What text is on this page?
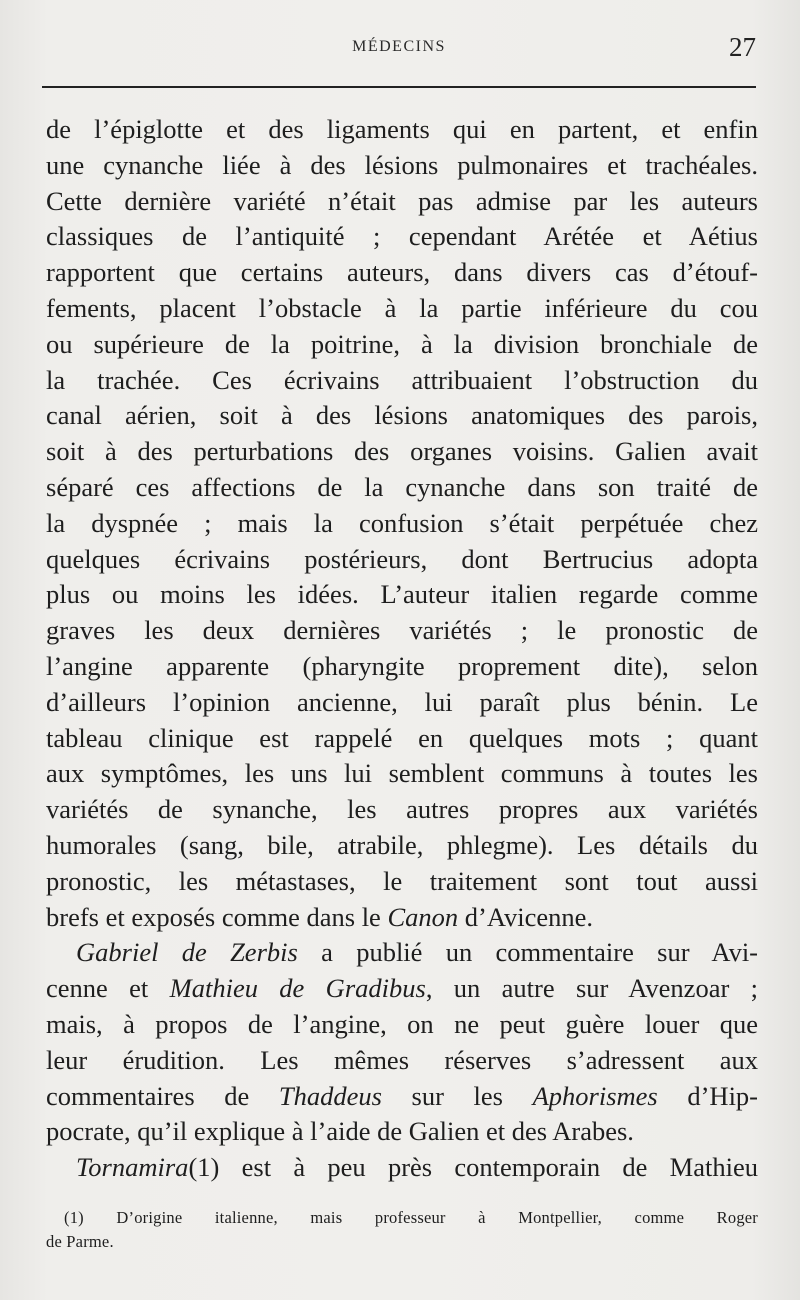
MÉDECINS	27
de l’épiglotte et des ligaments qui en partent, et enfin
une cynanche liée à des lésions pulmonaires et trachéales.
Cette dernière variété n’était pas admise par les auteurs
classiques de l’antiquité ; cependant Arétée et Aétius
rapportent que certains auteurs, dans divers cas d’étouf-
fements, placent l’obstacle à la partie inférieure du cou
ou supérieure de la poitrine, à la division bronchiale de
la trachée. Ces écrivains attribuaient l’obstruction du
canal aérien, soit à des lésions anatomiques des parois,
soit à des perturbations des organes voisins. Galien avait
séparé ces affections de la cynanche dans son traité de
la dyspnée ; mais la confusion s’était perpétuée chez
quelques écrivains postérieurs, dont Bertrucius adopta
plus ou moins les idées. L’auteur italien regarde comme
graves les deux dernières variétés ; le pronostic de
l’angine apparente (pharyngite proprement dite), selon
d’ailleurs l’opinion ancienne, lui paraît plus bénin. Le
tableau clinique est rappelé en quelques mots ; quant
aux symptômes, les uns lui semblent communs à toutes les
variétés de synanche, les autres propres aux variétés
humorales (sang, bile, atrabile, phlegme). Les détails du
pronostic, les métastases, le traitement sont tout aussi
brefs et exposés comme dans le Canon d’Avicenne.
Gabriel de Zerbis a publié un commentaire sur Avi-
cenne et Mathieu de Gradibus, un autre sur Avenzoar ;
mais, à propos de l’angine, on ne peut guère louer que
leur érudition. Les mêmes réserves s’adressent aux
commentaires de Thaddeus sur les Aphorismes d’Hip-
pocrate, qu’il explique à l’aide de Galien et des Arabes.
Tornamira(1) est à peu près contemporain de Mathieu
(1) D’origine italienne, mais professeur à Montpellier, comme Roger
de Parme.
